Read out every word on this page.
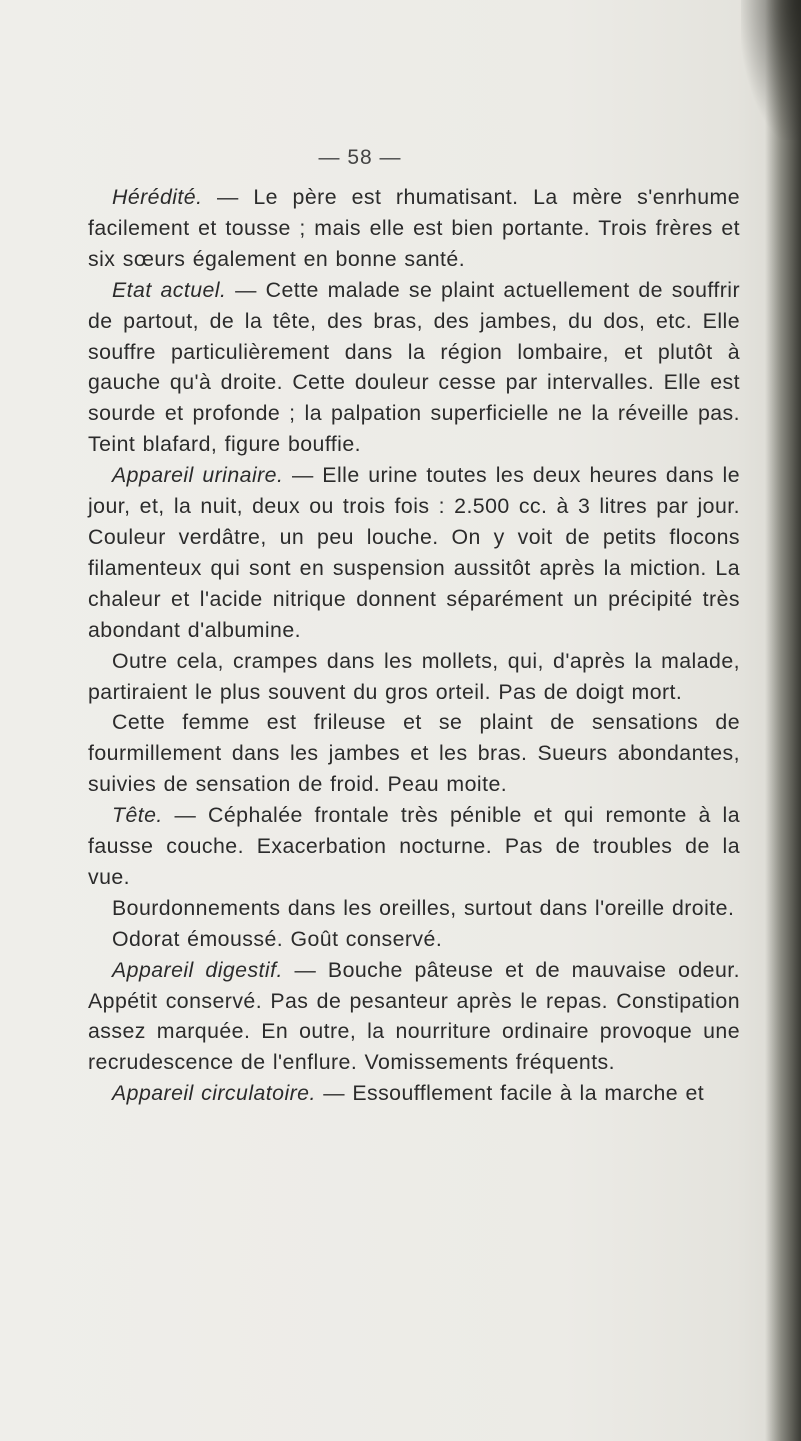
— 58 —

Hérédité. — Le père est rhumatisant. La mère s'enrhume facilement et tousse ; mais elle est bien portante. Trois frères et six sœurs également en bonne santé.

Etat actuel. — Cette malade se plaint actuellement de souffrir de partout, de la tête, des bras, des jambes, du dos, etc. Elle souffre particulièrement dans la région lombaire, et plutôt à gauche qu'à droite. Cette douleur cesse par intervalles. Elle est sourde et profonde ; la palpation superficielle ne la réveille pas. Teint blafard, figure bouffie.

Appareil urinaire. — Elle urine toutes les deux heures dans le jour, et, la nuit, deux ou trois fois : 2.500 cc. à 3 litres par jour. Couleur verdâtre, un peu louche. On y voit de petits flocons filamenteux qui sont en suspension aussitôt après la miction. La chaleur et l'acide nitrique donnent séparément un précipité très abondant d'albumine.

Outre cela, crampes dans les mollets, qui, d'après la malade, partiraient le plus souvent du gros orteil. Pas de doigt mort.

Cette femme est frileuse et se plaint de sensations de fourmillement dans les jambes et les bras. Sueurs abondantes, suivies de sensation de froid. Peau moite.

Tête. — Céphalée frontale très pénible et qui remonte à la fausse couche. Exacerbation nocturne. Pas de troubles de la vue.

Bourdonnements dans les oreilles, surtout dans l'oreille droite.

Odorat émoussé. Goût conservé.

Appareil digestif. — Bouche pâteuse et de mauvaise odeur. Appétit conservé. Pas de pesanteur après le repas. Constipation assez marquée. En outre, la nourriture ordinaire provoque une recrudescence de l'enflure. Vomissements fréquents.

Appareil circulatoire. — Essoufflement facile à la marche et
